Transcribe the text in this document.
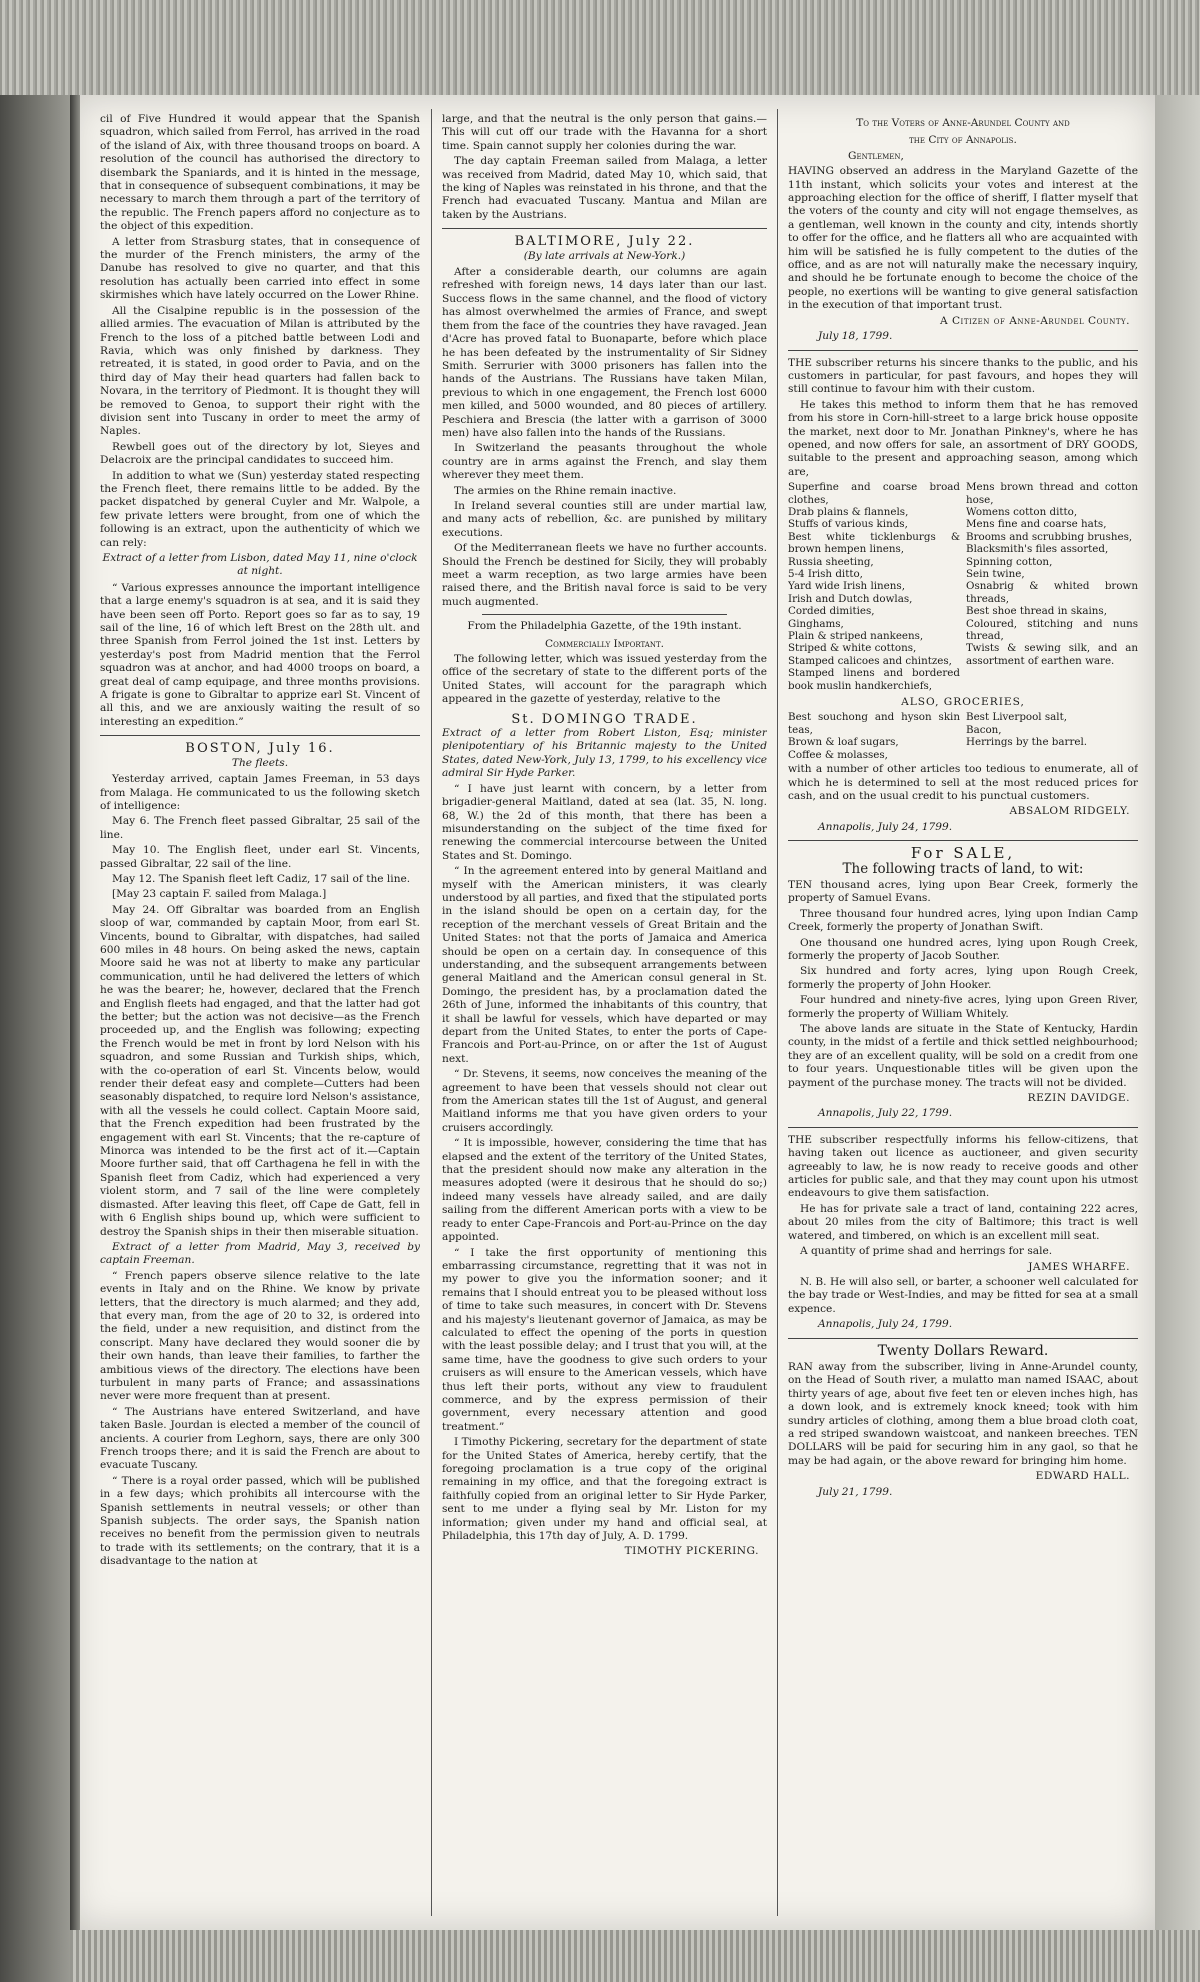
cil of Five Hundred it would appear that the Spanish squadron, which sailed from Ferrol, has arrived in the road of the island of Aix, with three thousand troops on board. A resolution of the council has authorised the directory to disembark the Spaniards, and it is hinted in the message, that in consequence of subsequent combinations, it may be necessary to march them through a part of the territory of the republic. The French papers afford no conjecture as to the object of this expedition.

A letter from Strasburg states, that in consequence of the murder of the French ministers, the army of the Danube has resolved to give no quarter, and that this resolution has actually been carried into effect in some skirmishes which have lately occurred on the Lower Rhine.

All the Cisalpine republic is in the possession of the allied armies. The evacuation of Milan is attributed by the French to the loss of a pitched battle between Lodi and Ravia, which was only finished by darkness. They retreated, it is stated, in good order to Pavia, and on the third day of May their head quarters had fallen back to Novara, in the territory of Piedmont. It is thought they will be removed to Genoa, to support their right with the division sent into Tuscany in order to meet the army of Naples.

Rewbell goes out of the directory by lot, Sieyes and Delacroix are the principal candidates to succeed him.

In addition to what we (Sun) yesterday stated respecting the French fleet, there remains little to be added. By the packet dispatched by general Cuyler and Mr. Walpole, a few private letters were brought, from one of which the following is an extract, upon the authenticity of which we can rely:

Extract of a letter from Lisbon, dated May 11, nine o'clock at night.

“ Various expresses announce the important intelligence that a large enemy's squadron is at sea, and it is said they have been seen off Porto. Report goes so far as to say, 19 sail of the line, 16 of which left Brest on the 28th ult. and three Spanish from Ferrol joined the 1st inst. Letters by yesterday's post from Madrid mention that the Ferrol squadron was at anchor, and had 4000 troops on board, a great deal of camp equipage, and three months provisions. A frigate is gone to Gibraltar to apprize earl St. Vincent of all this, and we are anxiously waiting the result of so interesting an expedition.”

BOSTON, July 16.

The fleets.

Yesterday arrived, captain James Freeman, in 53 days from Malaga. He communicated to us the following sketch of intelligence:

May 6. The French fleet passed Gibraltar, 25 sail of the line.

May 10. The English fleet, under earl St. Vincents, passed Gibraltar, 22 sail of the line.

May 12. The Spanish fleet left Cadiz, 17 sail of the line.

[May 23 captain F. sailed from Malaga.]

May 24. Off Gibraltar was boarded from an English sloop of war, commanded by captain Moor, from earl St. Vincents, bound to Gibraltar, with dispatches, had sailed 600 miles in 48 hours. On being asked the news, captain Moore said he was not at liberty to make any particular communication, until he had delivered the letters of which he was the bearer; he, however, declared that the French and English fleets had engaged, and that the latter had got the better; but the action was not decisive—as the French proceeded up, and the English was following; expecting the French would be met in front by lord Nelson with his squadron, and some Russian and Turkish ships, which, with the co-operation of earl St. Vincents below, would render their defeat easy and complete—Cutters had been seasonably dispatched, to require lord Nelson's assistance, with all the vessels he could collect. Captain Moore said, that the French expedition had been frustrated by the engagement with earl St. Vincents; that the re-capture of Minorca was intended to be the first act of it.—Captain Moore further said, that off Carthagena he fell in with the Spanish fleet from Cadiz, which had experienced a very violent storm, and 7 sail of the line were completely dismasted. After leaving this fleet, off Cape de Gatt, fell in with 6 English ships bound up, which were sufficient to destroy the Spanish ships in their then miserable situation.

Extract of a letter from Madrid, May 3, received by captain Freeman.

“ French papers observe silence relative to the late events in Italy and on the Rhine. We know by private letters, that the directory is much alarmed; and they add, that every man, from the age of 20 to 32, is ordered into the field, under a new requisition, and distinct from the conscript. Many have declared they would sooner die by their own hands, than leave their families, to farther the ambitious views of the directory. The elections have been turbulent in many parts of France; and assassinations never were more frequent than at present.

“ The Austrians have entered Switzerland, and have taken Basle. Jourdan is elected a member of the council of ancients. A courier from Leghorn, says, there are only 300 French troops there; and it is said the French are about to evacuate Tuscany.

“ There is a royal order passed, which will be published in a few days; which prohibits all intercourse with the Spanish settlements in neutral vessels; or other than Spanish subjects. The order says, the Spanish nation receives no benefit from the permission given to neutrals to trade with its settlements; on the contrary, that it is a disadvantage to the nation at

large, and that the neutral is the only person that gains.—This will cut off our trade with the Havanna for a short time. Spain cannot supply her colonies during the war.

The day captain Freeman sailed from Malaga, a letter was received from Madrid, dated May 10, which said, that the king of Naples was reinstated in his throne, and that the French had evacuated Tuscany. Mantua and Milan are taken by the Austrians.

BALTIMORE, July 22.

(By late arrivals at New-York.)

After a considerable dearth, our columns are again refreshed with foreign news, 14 days later than our last. Success flows in the same channel, and the flood of victory has almost overwhelmed the armies of France, and swept them from the face of the countries they have ravaged. Jean d'Acre has proved fatal to Buonaparte, before which place he has been defeated by the instrumentality of Sir Sidney Smith. Serrurier with 3000 prisoners has fallen into the hands of the Austrians. The Russians have taken Milan, previous to which in one engagement, the French lost 6000 men killed, and 5000 wounded, and 80 pieces of artillery. Peschiera and Brescia (the latter with a garrison of 3000 men) have also fallen into the hands of the Russians.

In Switzerland the peasants throughout the whole country are in arms against the French, and slay them wherever they meet them.

The armies on the Rhine remain inactive.

In Ireland several counties still are under martial law, and many acts of rebellion, &c. are punished by military executions.

Of the Mediterranean fleets we have no further accounts. Should the French be destined for Sicily, they will probably meet a warm reception, as two large armies have been raised there, and the British naval force is said to be very much augmented.

From the Philadelphia Gazette, of the 19th instant.

Commercially Important.

The following letter, which was issued yesterday from the office of the secretary of state to the different ports of the United States, will account for the paragraph which appeared in the gazette of yesterday, relative to the

St. DOMINGO TRADE.

Extract of a letter from Robert Liston, Esq; minister plenipotentiary of his Britannic majesty to the United States, dated New-York, July 13, 1799, to his excellency vice admiral Sir Hyde Parker.

“ I have just learnt with concern, by a letter from brigadier-general Maitland, dated at sea (lat. 35, N. long. 68, W.) the 2d of this month, that there has been a misunderstanding on the subject of the time fixed for renewing the commercial intercourse between the United States and St. Domingo.

“ In the agreement entered into by general Maitland and myself with the American ministers, it was clearly understood by all parties, and fixed that the stipulated ports in the island should be open on a certain day, for the reception of the merchant vessels of Great Britain and the United States: not that the ports of Jamaica and America should be open on a certain day. In consequence of this understanding, and the subsequent arrangements between general Maitland and the American consul general in St. Domingo, the president has, by a proclamation dated the 26th of June, informed the inhabitants of this country, that it shall be lawful for vessels, which have departed or may depart from the United States, to enter the ports of Cape-Francois and Port-au-Prince, on or after the 1st of August next.

“ Dr. Stevens, it seems, now conceives the meaning of the agreement to have been that vessels should not clear out from the American states till the 1st of August, and general Maitland informs me that you have given orders to your cruisers accordingly.

“ It is impossible, however, considering the time that has elapsed and the extent of the territory of the United States, that the president should now make any alteration in the measures adopted (were it desirous that he should do so;) indeed many vessels have already sailed, and are daily sailing from the different American ports with a view to be ready to enter Cape-Francois and Port-au-Prince on the day appointed.

“ I take the first opportunity of mentioning this embarrassing circumstance, regretting that it was not in my power to give you the information sooner; and it remains that I should entreat you to be pleased without loss of time to take such measures, in concert with Dr. Stevens and his majesty's lieutenant governor of Jamaica, as may be calculated to effect the opening of the ports in question with the least possible delay; and I trust that you will, at the same time, have the goodness to give such orders to your cruisers as will ensure to the American vessels, which have thus left their ports, without any view to fraudulent commerce, and by the express permission of their government, every necessary attention and good treatment.”

I Timothy Pickering, secretary for the department of state for the United States of America, hereby certify, that the foregoing proclamation is a true copy of the original remaining in my office, and that the foregoing extract is faithfully copied from an original letter to Sir Hyde Parker, sent to me under a flying seal by Mr. Liston for my information; given under my hand and official seal, at Philadelphia, this 17th day of July, A. D. 1799.

TIMOTHY PICKERING.

To the Voters of Anne-Arundel County and

the City of Annapolis.

Gentlemen,

HAVING observed an address in the Maryland Gazette of the 11th instant, which solicits your votes and interest at the approaching election for the office of sheriff, I flatter myself that the voters of the county and city will not engage themselves, as a gentleman, well known in the county and city, intends shortly to offer for the office, and he flatters all who are acquainted with him will be satisfied he is fully competent to the duties of the office, and as are not will naturally make the necessary inquiry, and should he be fortunate enough to become the choice of the people, no exertions will be wanting to give general satisfaction in the execution of that important trust.

A Citizen of Anne-Arundel County.

July 18, 1799.

THE subscriber returns his sincere thanks to the public, and his customers in particular, for past favours, and hopes they will still continue to favour him with their custom.

He takes this method to inform them that he has removed from his store in Corn-hill-street to a large brick house opposite the market, next door to Mr. Jonathan Pinkney's, where he has opened, and now offers for sale, an assortment of DRY GOODS, suitable to the present and approaching season, among which are,

Superfine and coarse broad clothes,
Drab plains & flannels,
Stuffs of various kinds,
Best white ticklenburgs & brown hempen linens,
Russia sheeting,
5-4 Irish ditto,
Yard wide Irish linens,
Irish and Dutch dowlas,
Corded dimities,
Ginghams,
Plain & striped nankeens,
Striped & white cottons,
Stamped calicoes and chintzes,
Stamped linens and bordered book muslin handkerchiefs,
Mens brown thread and cotton hose,
Womens cotton ditto,
Mens fine and coarse hats,
Brooms and scrubbing brushes,
Blacksmith's files assorted,
Spinning cotton,
Sein twine,
Osnabrig & whited brown threads,
Best shoe thread in skains,
Coloured, stitching and nuns thread,
Twists & sewing silk, and an assortment of earthen ware.

ALSO, GROCERIES,

Best souchong and hyson skin teas,
Brown & loaf sugars,
Coffee & molasses,
Best Liverpool salt,
Bacon,
Herrings by the barrel.

with a number of other articles too tedious to enumerate, all of which he is determined to sell at the most reduced prices for cash, and on the usual credit to his punctual customers.

ABSALOM RIDGELY.

Annapolis, July 24, 1799.

For SALE,

The following tracts of land, to wit:

TEN thousand acres, lying upon Bear Creek, formerly the property of Samuel Evans.

Three thousand four hundred acres, lying upon Indian Camp Creek, formerly the property of Jonathan Swift.

One thousand one hundred acres, lying upon Rough Creek, formerly the property of Jacob Souther.

Six hundred and forty acres, lying upon Rough Creek, formerly the property of John Hooker.

Four hundred and ninety-five acres, lying upon Green River, formerly the property of William Whitely.

The above lands are situate in the State of Kentucky, Hardin county, in the midst of a fertile and thick settled neighbourhood; they are of an excellent quality, will be sold on a credit from one to four years. Unquestionable titles will be given upon the payment of the purchase money. The tracts will not be divided.

REZIN DAVIDGE.

Annapolis, July 22, 1799.

THE subscriber respectfully informs his fellow-citizens, that having taken out licence as auctioneer, and given security agreeably to law, he is now ready to receive goods and other articles for public sale, and that they may count upon his utmost endeavours to give them satisfaction.

He has for private sale a tract of land, containing 222 acres, about 20 miles from the city of Baltimore; this tract is well watered, and timbered, on which is an excellent mill seat.

A quantity of prime shad and herrings for sale.

JAMES WHARFE.

N. B. He will also sell, or barter, a schooner well calculated for the bay trade or West-Indies, and may be fitted for sea at a small expence.

Annapolis, July 24, 1799.

Twenty Dollars Reward.

RAN away from the subscriber, living in Anne-Arundel county, on the Head of South river, a mulatto man named ISAAC, about thirty years of age, about five feet ten or eleven inches high, has a down look, and is extremely knock kneed; took with him sundry articles of clothing, among them a blue broad cloth coat, a red striped swandown waistcoat, and nankeen breeches. TEN DOLLARS will be paid for securing him in any gaol, so that he may be had again, or the above reward for bringing him home.

EDWARD HALL.

July 21, 1799.
